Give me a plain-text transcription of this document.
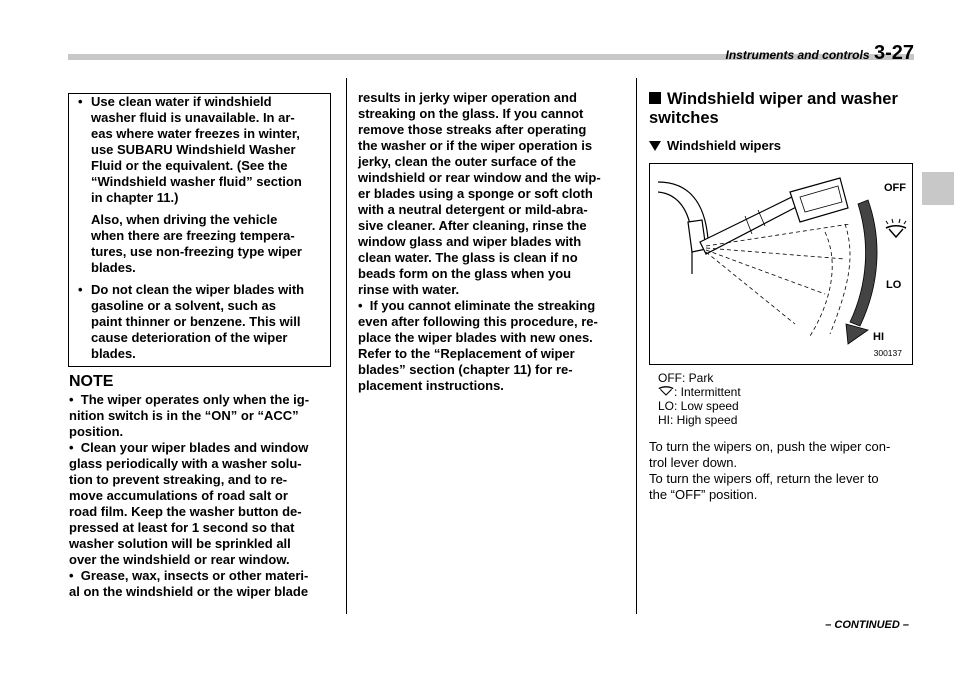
Instruments and controls 3-27
• Use clean water if windshield
washer fluid is unavailable. In ar-
eas where water freezes in winter,
use SUBARU Windshield Washer
Fluid or the equivalent. (See the
“Windshield washer fluid” section
in chapter 11.)
Also, when driving the vehicle
when there are freezing tempera-
tures, use non-freezing type wiper
blades.
• Do not clean the wiper blades with
gasoline or a solvent, such as
paint thinner or benzene. This will
cause deterioration of the wiper
blades.
NOTE
•  The wiper operates only when the ig-
nition switch is in the “ON” or “ACC”
position.
•  Clean your wiper blades and window
glass periodically with a washer solu-
tion to prevent streaking, and to re-
move accumulations of road salt or
road film. Keep the washer button de-
pressed at least for 1 second so that
washer solution will be sprinkled all
over the windshield or rear window.
•  Grease, wax, insects or other materi-
al on the windshield or the wiper blade
results in jerky wiper operation and
streaking on the glass. If you cannot
remove those streaks after operating
the washer or if the wiper operation is
jerky, clean the outer surface of the
windshield or rear window and the wip-
er blades using a sponge or soft cloth
with a neutral detergent or mild-abra-
sive cleaner. After cleaning, rinse the
window glass and wiper blades with
clean water. The glass is clean if no
beads form on the glass when you
rinse with water.
•  If you cannot eliminate the streaking
even after following this procedure, re-
place the wiper blades with new ones.
Refer to the “Replacement of wiper
blades” section (chapter 11) for re-
placement instructions.
Windshield wiper and washer switches
Windshield wipers
OFF
LO
HI
300137
OFF: Park
: Intermittent
LO: Low speed
HI: High speed
To turn the wipers on, push the wiper con-
trol lever down.
To turn the wipers off, return the lever to
the “OFF” position.
– CONTINUED –
